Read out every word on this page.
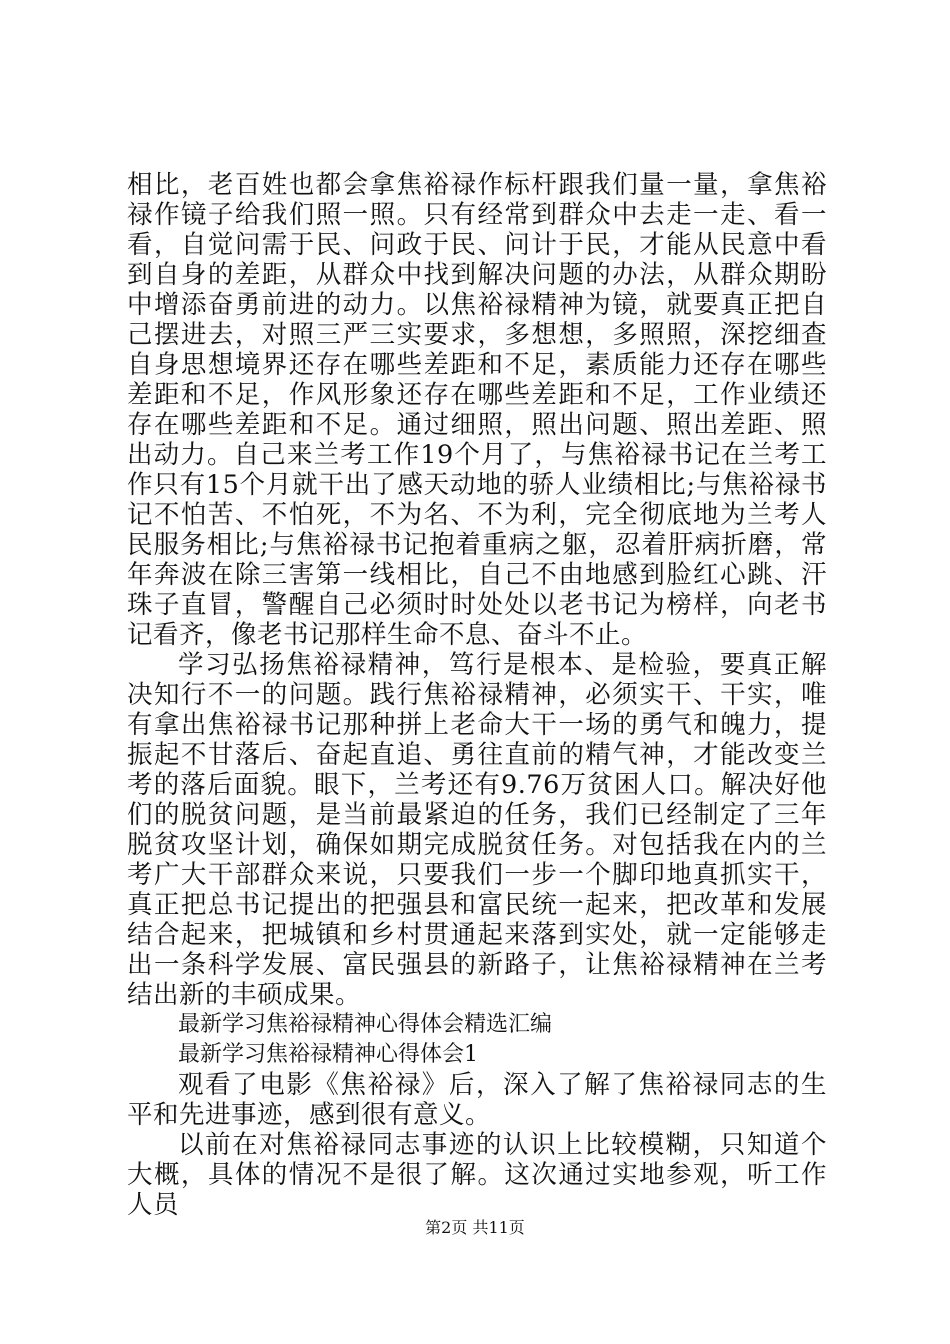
相比，老百姓也都会拿焦裕禄作标杆跟我们量一量，拿焦裕禄作镜子给我们照一照。只有经常到群众中去走一走、看一看，自觉问需于民、问政于民、问计于民，才能从民意中看到自身的差距，从群众中找到解决问题的办法，从群众期盼中增添奋勇前进的动力。以焦裕禄精神为镜，就要真正把自己摆进去，对照三严三实要求，多想想，多照照，深挖细查自身思想境界还存在哪些差距和不足，素质能力还存在哪些差距和不足，作风形象还存在哪些差距和不足，工作业绩还存在哪些差距和不足。通过细照，照出问题、照出差距、照出动力。自己来兰考工作19个月了，与焦裕禄书记在兰考工作只有15个月就干出了感天动地的骄人业绩相比;与焦裕禄书记不怕苦、不怕死，不为名、不为利，完全彻底地为兰考人民服务相比;与焦裕禄书记抱着重病之躯，忍着肝病折磨，常年奔波在除三害第一线相比，自己不由地感到脸红心跳、汗珠子直冒，警醒自己必须时时处处以老书记为榜样，向老书记看齐，像老书记那样生命不息、奋斗不止。

学习弘扬焦裕禄精神，笃行是根本、是检验，要真正解决知行不一的问题。践行焦裕禄精神，必须实干、干实，唯有拿出焦裕禄书记那种拼上老命大干一场的勇气和魄力，提振起不甘落后、奋起直追、勇往直前的精气神，才能改变兰考的落后面貌。眼下，兰考还有9.76万贫困人口。解决好他们的脱贫问题，是当前最紧迫的任务，我们已经制定了三年脱贫攻坚计划，确保如期完成脱贫任务。对包括我在内的兰考广大干部群众来说，只要我们一步一个脚印地真抓实干，真正把总书记提出的把强县和富民统一起来，把改革和发展结合起来，把城镇和乡村贯通起来落到实处，就一定能够走出一条科学发展、富民强县的新路子，让焦裕禄精神在兰考结出新的丰硕成果。

最新学习焦裕禄精神心得体会精选汇编

最新学习焦裕禄精神心得体会1

观看了电影《焦裕禄》后，深入了解了焦裕禄同志的生平和先进事迹，感到很有意义。

以前在对焦裕禄同志事迹的认识上比较模糊，只知道个大概，具体的情况不是很了解。这次通过实地参观，听工作人员

第2页 共11页
